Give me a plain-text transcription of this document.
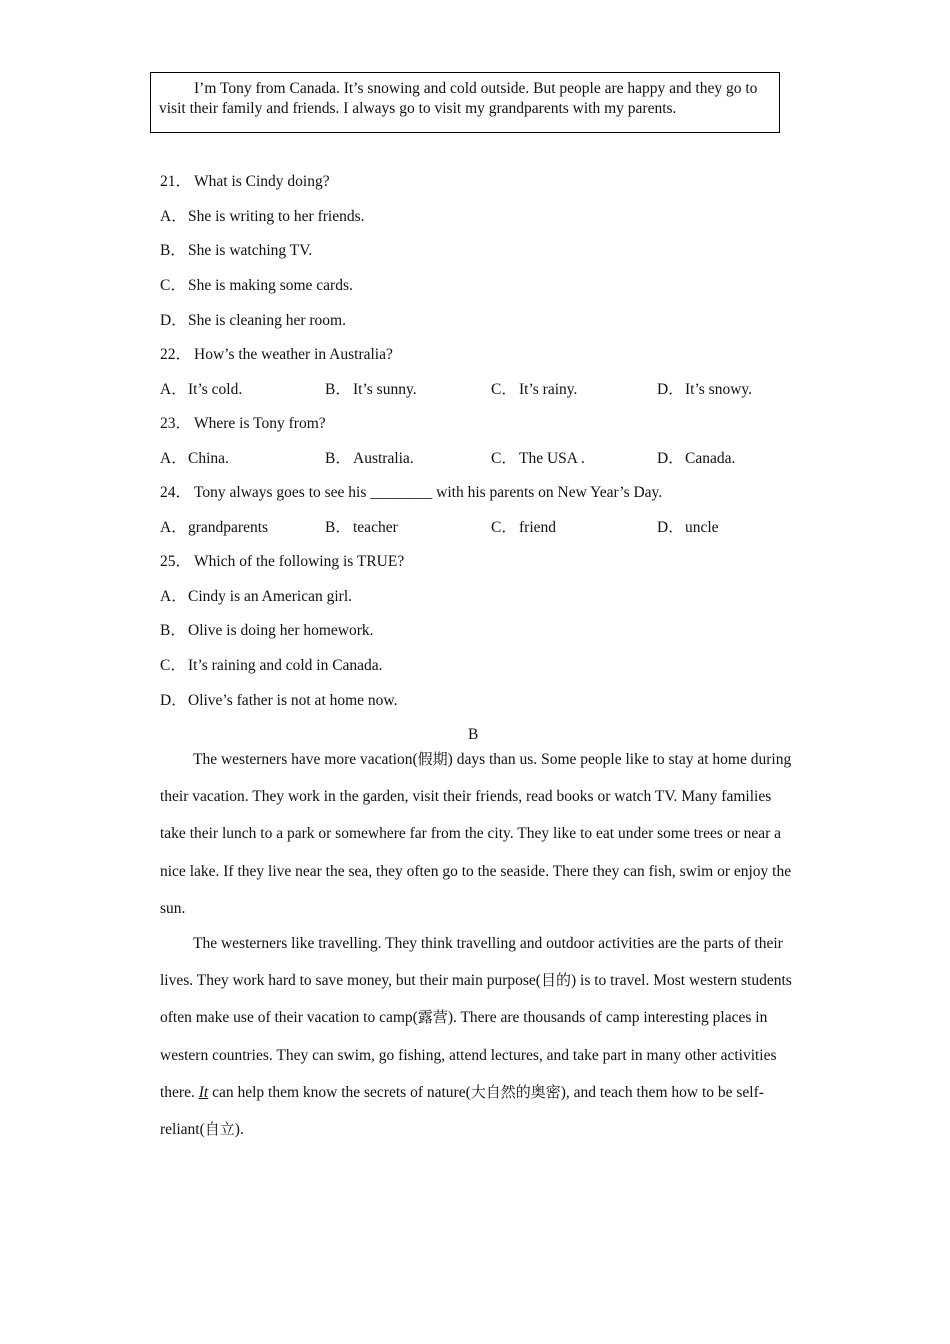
I’m Tony from Canada. It’s snowing and cold outside. But people are happy and they go to visit their family and friends. I always go to visit my grandparents with my parents.

21． What is Cindy doing?
A．She is writing to her friends.
B． She is watching TV.
C． She is making some cards.
D．She is cleaning her room.
22． How’s the weather in Australia?
A．It’s cold.	B． It’s sunny.	C． It’s rainy.	D．It’s snowy.
23． Where is Tony from?
A．China.	B． Australia.	C． The USA .	D．Canada.
24． Tony always goes to see his ________ with his parents on New Year’s Day.
A．grandparents	B． teacher	C． friend	D．uncle
25． Which of the following is TRUE?
A．Cindy is an American girl.
B． Olive is doing her homework.
C． It’s raining and cold in Canada.
D．Olive’s father is not at home now.
B

The westerners have more vacation(假期) days than us. Some people like to stay at home during their vacation. They work in the garden, visit their friends, read books or watch TV. Many families take their lunch to a park or somewhere far from the city. They like to eat under some trees or near a nice lake. If they live near the sea, they often go to the seaside. There they can fish, swim or enjoy the sun.

The westerners like travelling. They think travelling and outdoor activities are the parts of their lives. They work hard to save money, but their main purpose(目的) is to travel. Most western students often make use of their vacation to camp(露营). There are thousands of camp interesting places in western countries. They can swim, go fishing, attend lectures, and take part in many other activities there. It can help them know the secrets of nature(大自然的奥密), and teach them how to be self-reliant(自立).
